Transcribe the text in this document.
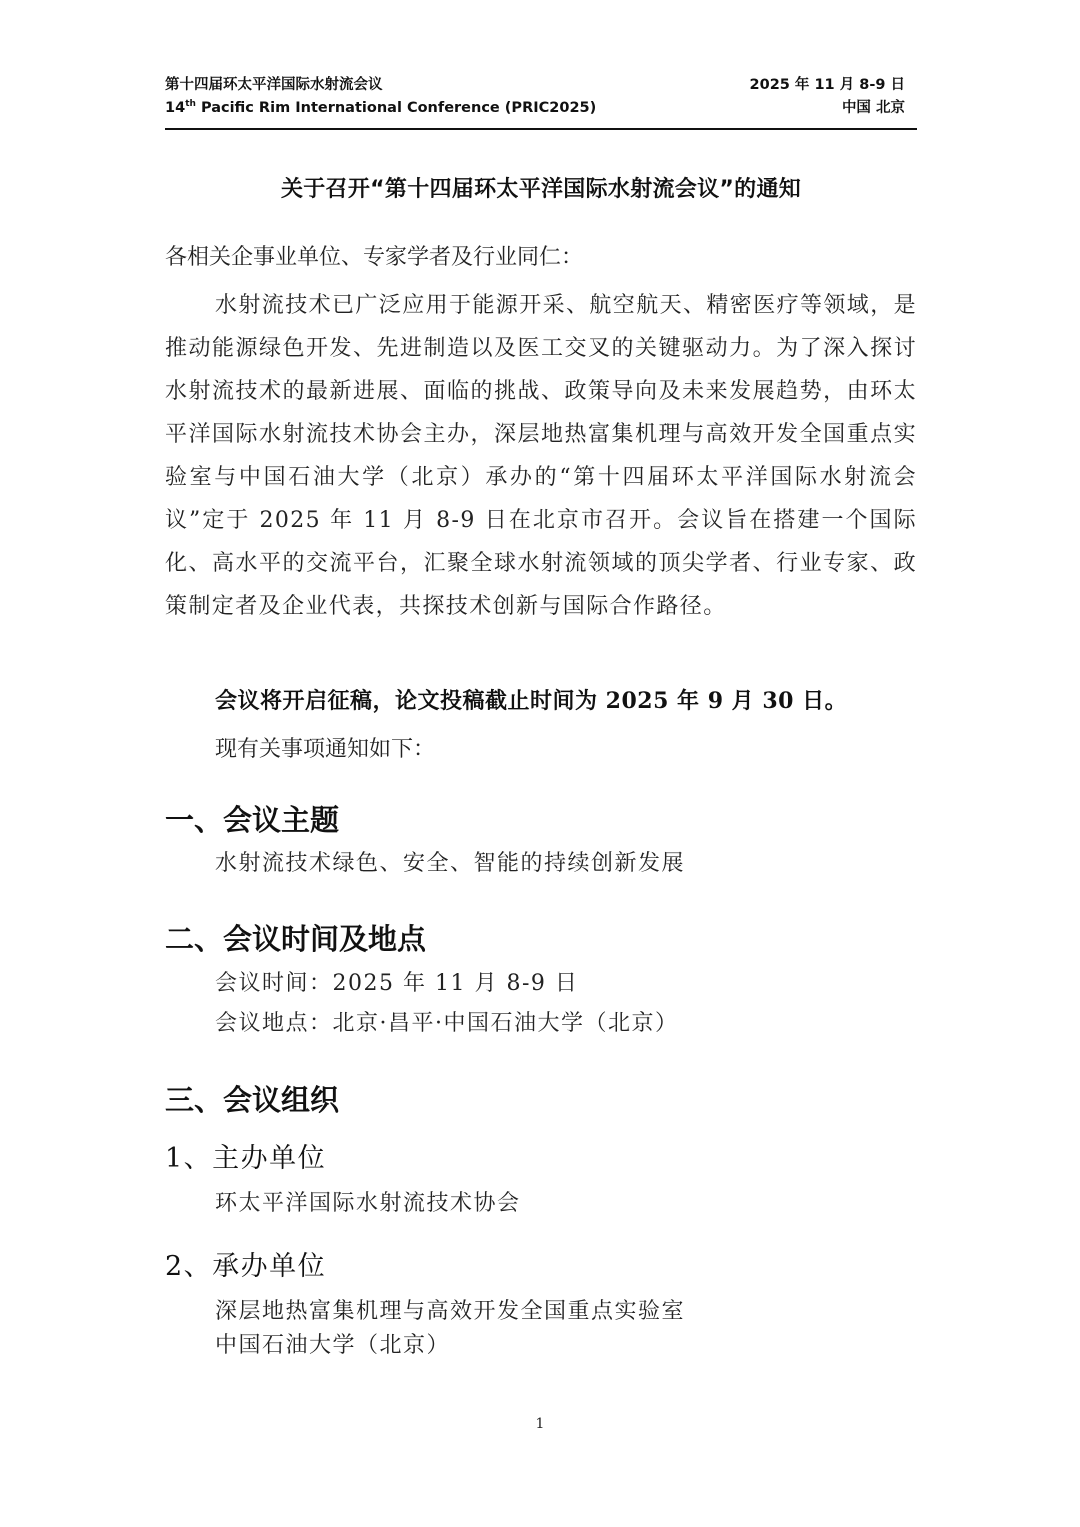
第十四届环太平洋国际水射流会议
14th Pacific Rim International Conference (PRIC2025)
2025 年 11 月 8-9 日
中国 北京
关于召开“第十四届环太平洋国际水射流会议”的通知
各相关企事业单位、专家学者及行业同仁：
水射流技术已广泛应用于能源开采、航空航天、精密医疗等领域，是推动能源绿色开发、先进制造以及医工交叉的关键驱动力。为了深入探讨水射流技术的最新进展、面临的挑战、政策导向及未来发展趋势，由环太平洋国际水射流技术协会主办，深层地热富集机理与高效开发全国重点实验室与中国石油大学（北京）承办的“第十四届环太平洋国际水射流会议”定于 2025 年 11 月 8-9 日在北京市召开。会议旨在搭建一个国际化、高水平的交流平台，汇聚全球水射流领域的顶尖学者、行业专家、政策制定者及企业代表，共探技术创新与国际合作路径。
会议将开启征稿，论文投稿截止时间为 2025 年 9 月 30 日。
现有关事项通知如下：
一、会议主题
水射流技术绿色、安全、智能的持续创新发展
二、会议时间及地点
会议时间：2025 年 11 月 8-9 日
会议地点：北京·昌平·中国石油大学（北京）
三、会议组织
1、主办单位
环太平洋国际水射流技术协会
2、承办单位
深层地热富集机理与高效开发全国重点实验室
中国石油大学（北京）
1
